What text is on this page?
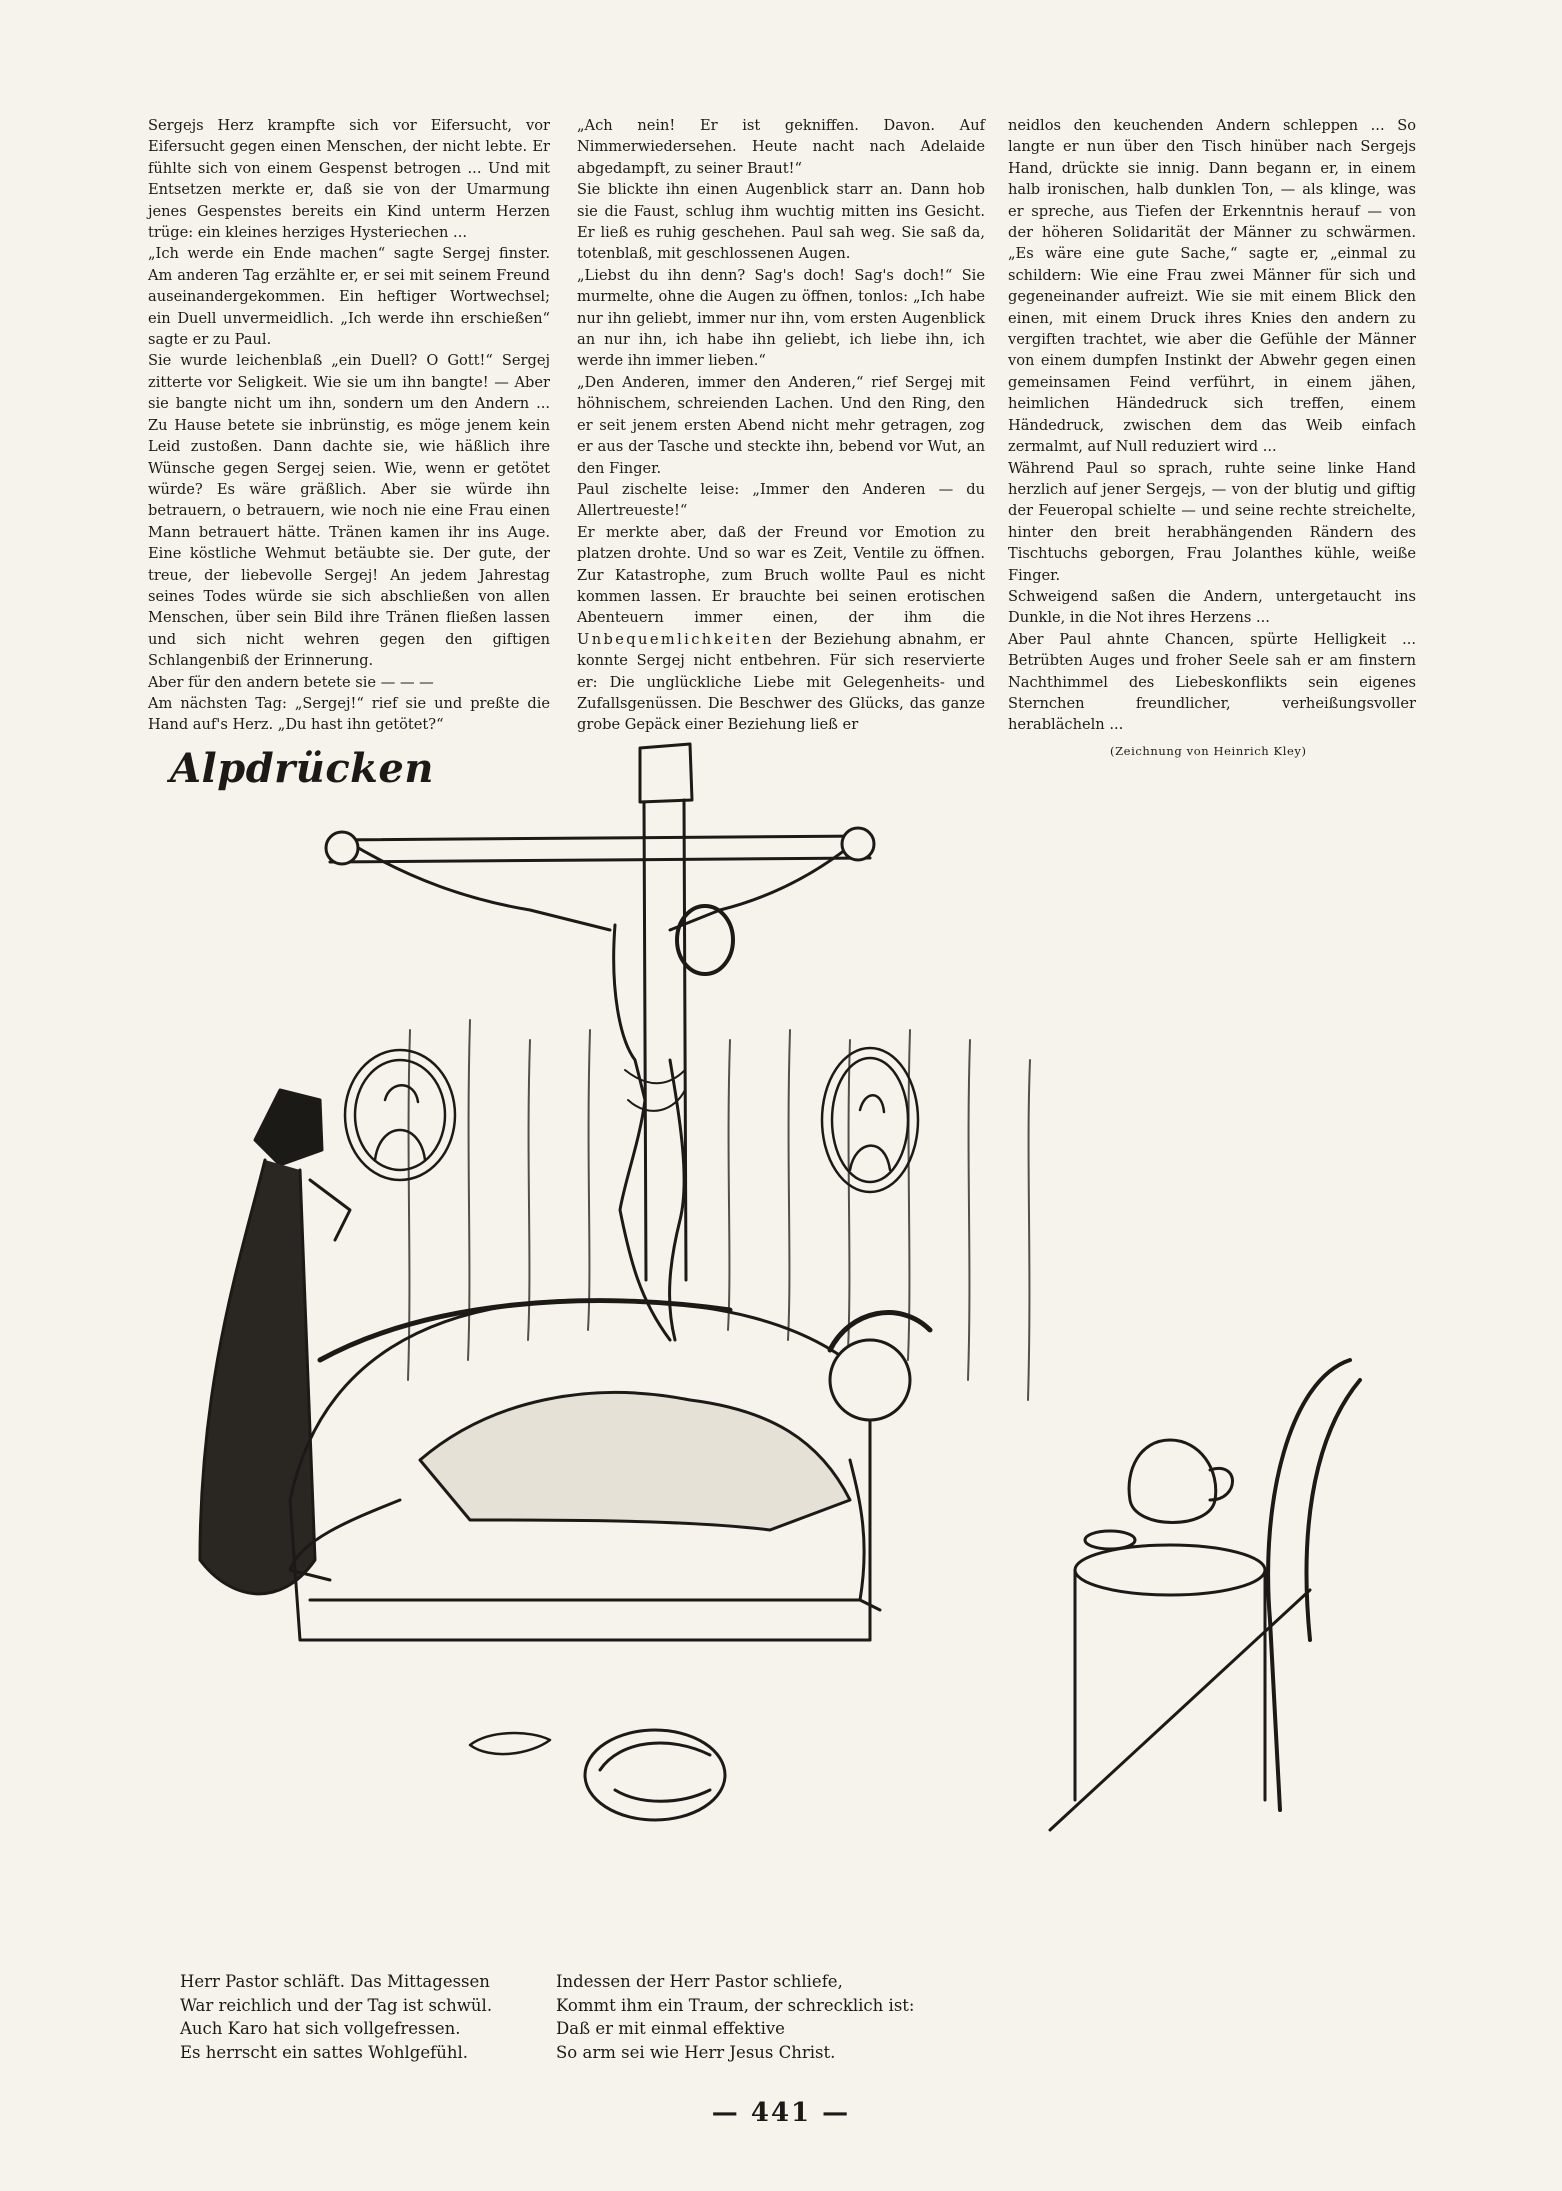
Sergejs Herz krampfte sich vor Eifersucht, vor Eifersucht gegen einen Menschen, der nicht lebte. Er fühlte sich von einem Gespenst betrogen ... Und mit Entsetzen merkte er, daß sie von der Umarmung jenes Gespenstes bereits ein Kind unterm Herzen trüge: ein kleines herziges Hysteriechen ...

„Ich werde ein Ende machen“ sagte Sergej finster. Am anderen Tag erzählte er, er sei mit seinem Freund auseinandergekommen. Ein heftiger Wortwechsel; ein Duell unvermeidlich. „Ich werde ihn erschießen“ sagte er zu Paul.

Sie wurde leichenblaß „ein Duell? O Gott!“ Sergej zitterte vor Seligkeit. Wie sie um ihn bangte! — Aber sie bangte nicht um ihn, sondern um den Andern ... Zu Hause betete sie inbrünstig, es möge jenem kein Leid zustoßen. Dann dachte sie, wie häßlich ihre Wünsche gegen Sergej seien. Wie, wenn er getötet würde? Es wäre gräßlich. Aber sie würde ihn betrauern, o betrauern, wie noch nie eine Frau einen Mann betrauert hätte. Tränen kamen ihr ins Auge. Eine köstliche Wehmut betäubte sie. Der gute, der treue, der liebevolle Sergej! An jedem Jahrestag seines Todes würde sie sich abschließen von allen Menschen, über sein Bild ihre Tränen fließen lassen und sich nicht wehren gegen den giftigen Schlangenbiß der Erinnerung.

Aber für den andern betete sie — — —

Am nächsten Tag: „Sergej!“ rief sie und preßte die Hand auf's Herz. „Du hast ihn getötet?“

„Ach nein! Er ist gekniffen. Davon. Auf Nimmerwiedersehen. Heute nacht nach Adelaide abgedampft, zu seiner Braut!“

Sie blickte ihn einen Augenblick starr an. Dann hob sie die Faust, schlug ihm wuchtig mitten ins Gesicht. Er ließ es ruhig geschehen. Paul sah weg. Sie saß da, totenblaß, mit geschlossenen Augen.

„Liebst du ihn denn? Sag's doch! Sag's doch!“ Sie murmelte, ohne die Augen zu öffnen, tonlos: „Ich habe nur ihn geliebt, immer nur ihn, vom ersten Augenblick an nur ihn, ich habe ihn geliebt, ich liebe ihn, ich werde ihn immer lieben.“

„Den Anderen, immer den Anderen,“ rief Sergej mit höhnischem, schreienden Lachen. Und den Ring, den er seit jenem ersten Abend nicht mehr getragen, zog er aus der Tasche und steckte ihn, bebend vor Wut, an den Finger.

Paul zischelte leise: „Immer den Anderen — du Allertreueste!“

Er merkte aber, daß der Freund vor Emotion zu platzen drohte. Und so war es Zeit, Ventile zu öffnen. Zur Katastrophe, zum Bruch wollte Paul es nicht kommen lassen. Er brauchte bei seinen erotischen Abenteuern immer einen, der ihm die Unbequemlichkeiten der Beziehung abnahm, er konnte Sergej nicht entbehren. Für sich reservierte er: Die unglückliche Liebe mit Gelegenheits- und Zufallsgenüssen. Die Beschwer des Glücks, das ganze grobe Gepäck einer Beziehung ließ er

neidlos den keuchenden Andern schleppen ... So langte er nun über den Tisch hinüber nach Sergejs Hand, drückte sie innig. Dann begann er, in einem halb ironischen, halb dunklen Ton, — als klinge, was er spreche, aus Tiefen der Erkenntnis herauf — von der höheren Solidarität der Männer zu schwärmen. „Es wäre eine gute Sache,“ sagte er, „einmal zu schildern: Wie eine Frau zwei Männer für sich und gegeneinander aufreizt. Wie sie mit einem Blick den einen, mit einem Druck ihres Knies den andern zu vergiften trachtet, wie aber die Gefühle der Männer von einem dumpfen Instinkt der Abwehr gegen einen gemeinsamen Feind verführt, in einem jähen, heimlichen Händedruck sich treffen, einem Händedruck, zwischen dem das Weib einfach zermalmt, auf Null reduziert wird ...

Während Paul so sprach, ruhte seine linke Hand herzlich auf jener Sergejs, — von der blutig und giftig der Feueropal schielte — und seine rechte streichelte, hinter den breit herabhängenden Rändern des Tischtuchs geborgen, Frau Jolanthes kühle, weiße Finger.

Schweigend saßen die Andern, untergetaucht ins Dunkle, in die Not ihres Herzens ...

Aber Paul ahnte Chancen, spürte Helligkeit ... Betrübten Auges und froher Seele sah er am finstern Nachthimmel des Liebeskonflikts sein eigenes Sternchen freundlicher, verheißungsvoller herablächeln ...

Alpdrücken	(Zeichnung von Heinrich Kley)
Herr Pastor schläft. Das Mittagessen
War reichlich und der Tag ist schwül.
Auch Karo hat sich vollgefressen.
Es herrscht ein sattes Wohlgefühl.
Indessen der Herr Pastor schliefe,
Kommt ihm ein Traum, der schrecklich ist:
Daß er mit einmal effektive
So arm sei wie Herr Jesus Christ.
— 441 —
